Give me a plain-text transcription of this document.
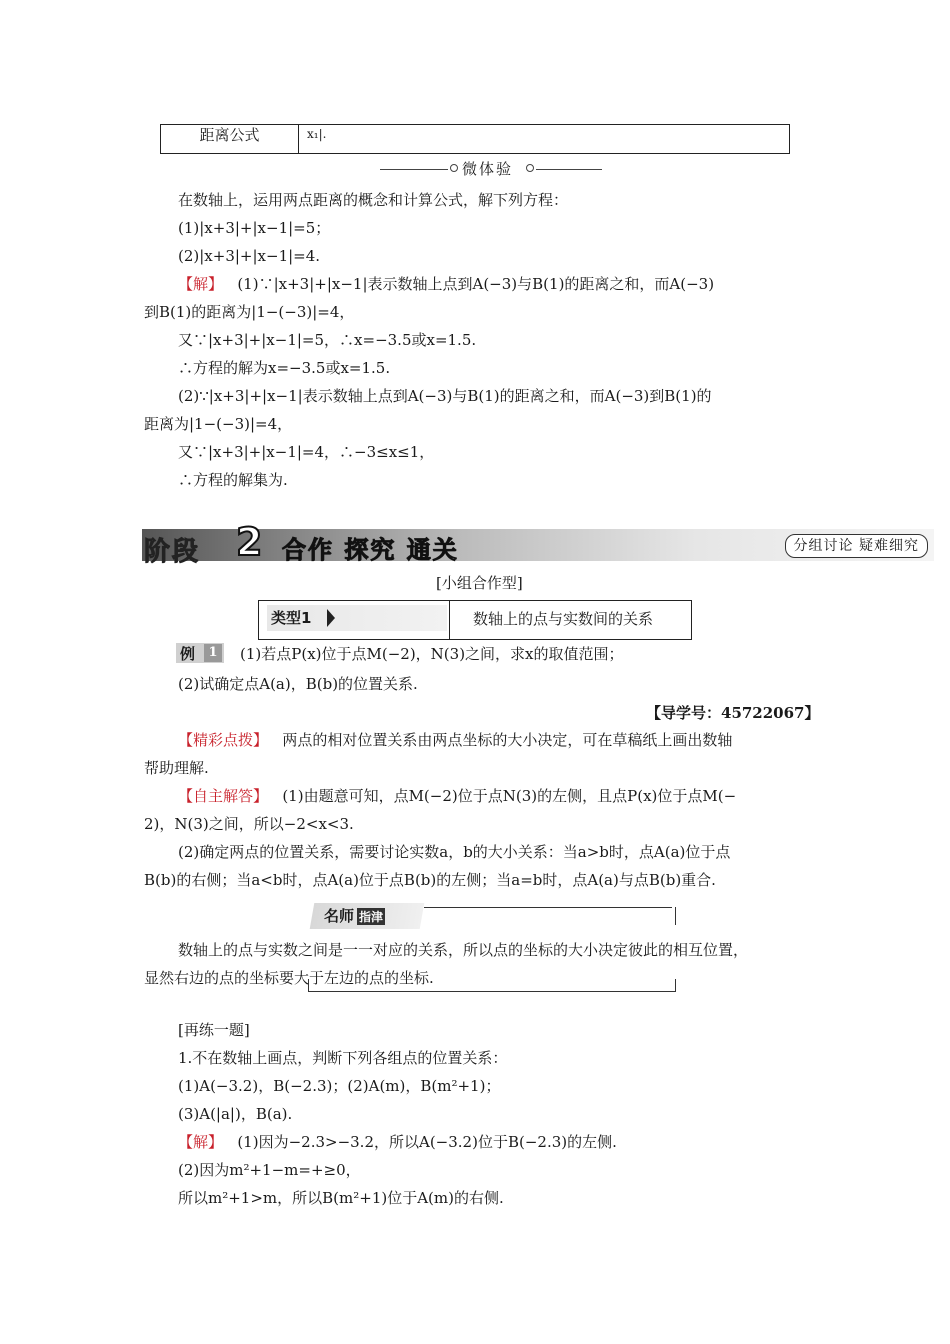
距离公式	x₁|.
微体验
在数轴上，运用两点距离的概念和计算公式，解下列方程：
(1)|x+3|+|x−1|=5；
(2)|x+3|+|x−1|=4.
【解】 (1)∵|x+3|+|x−1|表示数轴上点到A(−3)与B(1)的距离之和，而A(−3)
到B(1)的距离为|1−(−3)|=4，
又∵|x+3|+|x−1|=5，∴x=−3.5或x=1.5.
∴方程的解为x=−3.5或x=1.5.
(2)∵|x+3|+|x−1|表示数轴上点到A(−3)与B(1)的距离之和，而A(−3)到B(1)的
距离为|1−(−3)|=4，
又∵|x+3|+|x−1|=4，∴−3≤x≤1，
∴方程的解集为.
阶段 2 合作 探究 通关	分组讨论 疑难细究
[小组合作型]
类型1	数轴上的点与实数间的关系
例	1 (1)若点P(x)位于点M(−2)，N(3)之间，求x的取值范围；
(2)试确定点A(a)，B(b)的位置关系.
【导学号：45722067】
【精彩点拨】 两点的相对位置关系由两点坐标的大小决定，可在草稿纸上画出数轴
帮助理解.
【自主解答】 (1)由题意可知，点M(−2)位于点N(3)的左侧，且点P(x)位于点M(−
2)，N(3)之间，所以−2<x<3.
(2)确定两点的位置关系，需要讨论实数a，b的大小关系：当a>b时，点A(a)位于点
B(b)的右侧；当a<b时，点A(a)位于点B(b)的左侧；当a=b时，点A(a)与点B(b)重合.
名师 指津
数轴上的点与实数之间是一一对应的关系，所以点的坐标的大小决定彼此的相互位置，
显然右边的点的坐标要大于左边的点的坐标.
[再练一题]
1.不在数轴上画点，判断下列各组点的位置关系：
(1)A(−3.2)，B(−2.3)；(2)A(m)，B(m²+1)；
(3)A(|a|)，B(a).
【解】 (1)因为−2.3>−3.2，所以A(−3.2)位于B(−2.3)的左侧.
(2)因为m²+1−m=+≥0，
所以m²+1>m，所以B(m²+1)位于A(m)的右侧.
